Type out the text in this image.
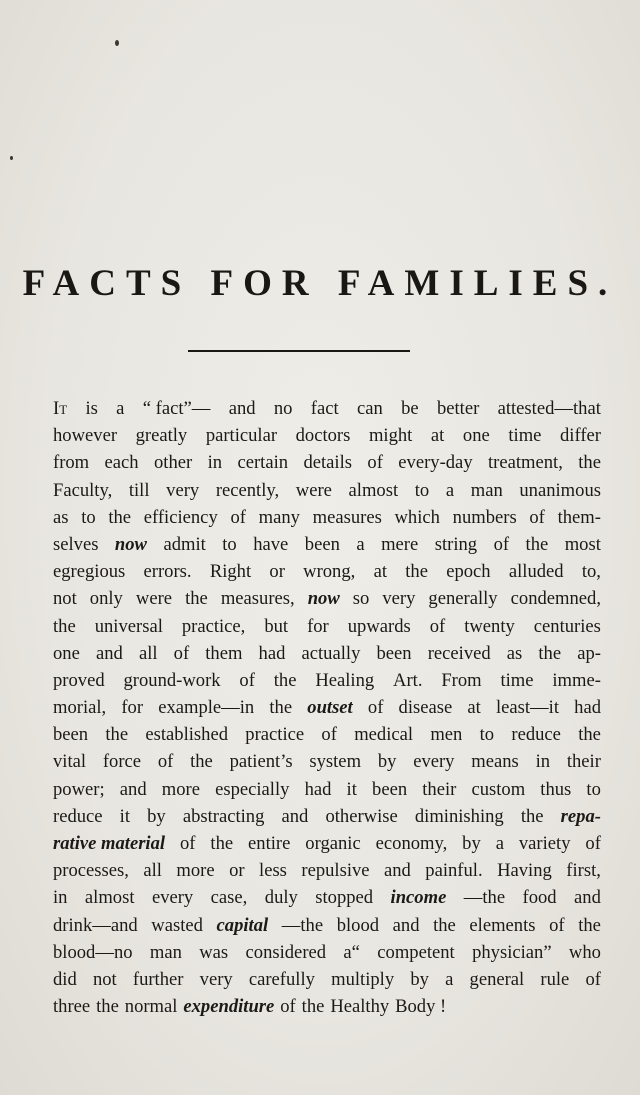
FACTS FOR FAMILIES.
It is a “ fact”— and no fact can be better attested—that
however greatly particular doctors might at one time differ
from each other in certain details of every-day treatment, the
Faculty, till very recently, were almost to a man unanimous
as to the efficiency of many measures which numbers of them-
selves now admit to have been a mere string of the most
egregious errors. Right or wrong, at the epoch alluded to,
not only were the measures, now so very generally condemned,
the universal practice, but for upwards of twenty centuries
one and all of them had actually been received as the ap-
proved ground-work of the Healing Art. From time imme-
morial, for example—in the outset of disease at least—it had
been the established practice of medical men to reduce the
vital force of the patient’s system by every means in their
power; and more especially had it been their custom thus to
reduce it by abstracting and otherwise diminishing the repa-
rative material of the entire organic economy, by a variety of
processes, all more or less repulsive and painful. Having first,
in almost every case, duly stopped income —the food and
drink—and wasted capital —the blood and the elements of the
blood—no man was considered a“ competent physician” who
did not further very carefully multiply by a general rule of
three the normal expenditure of the Healthy Body !
